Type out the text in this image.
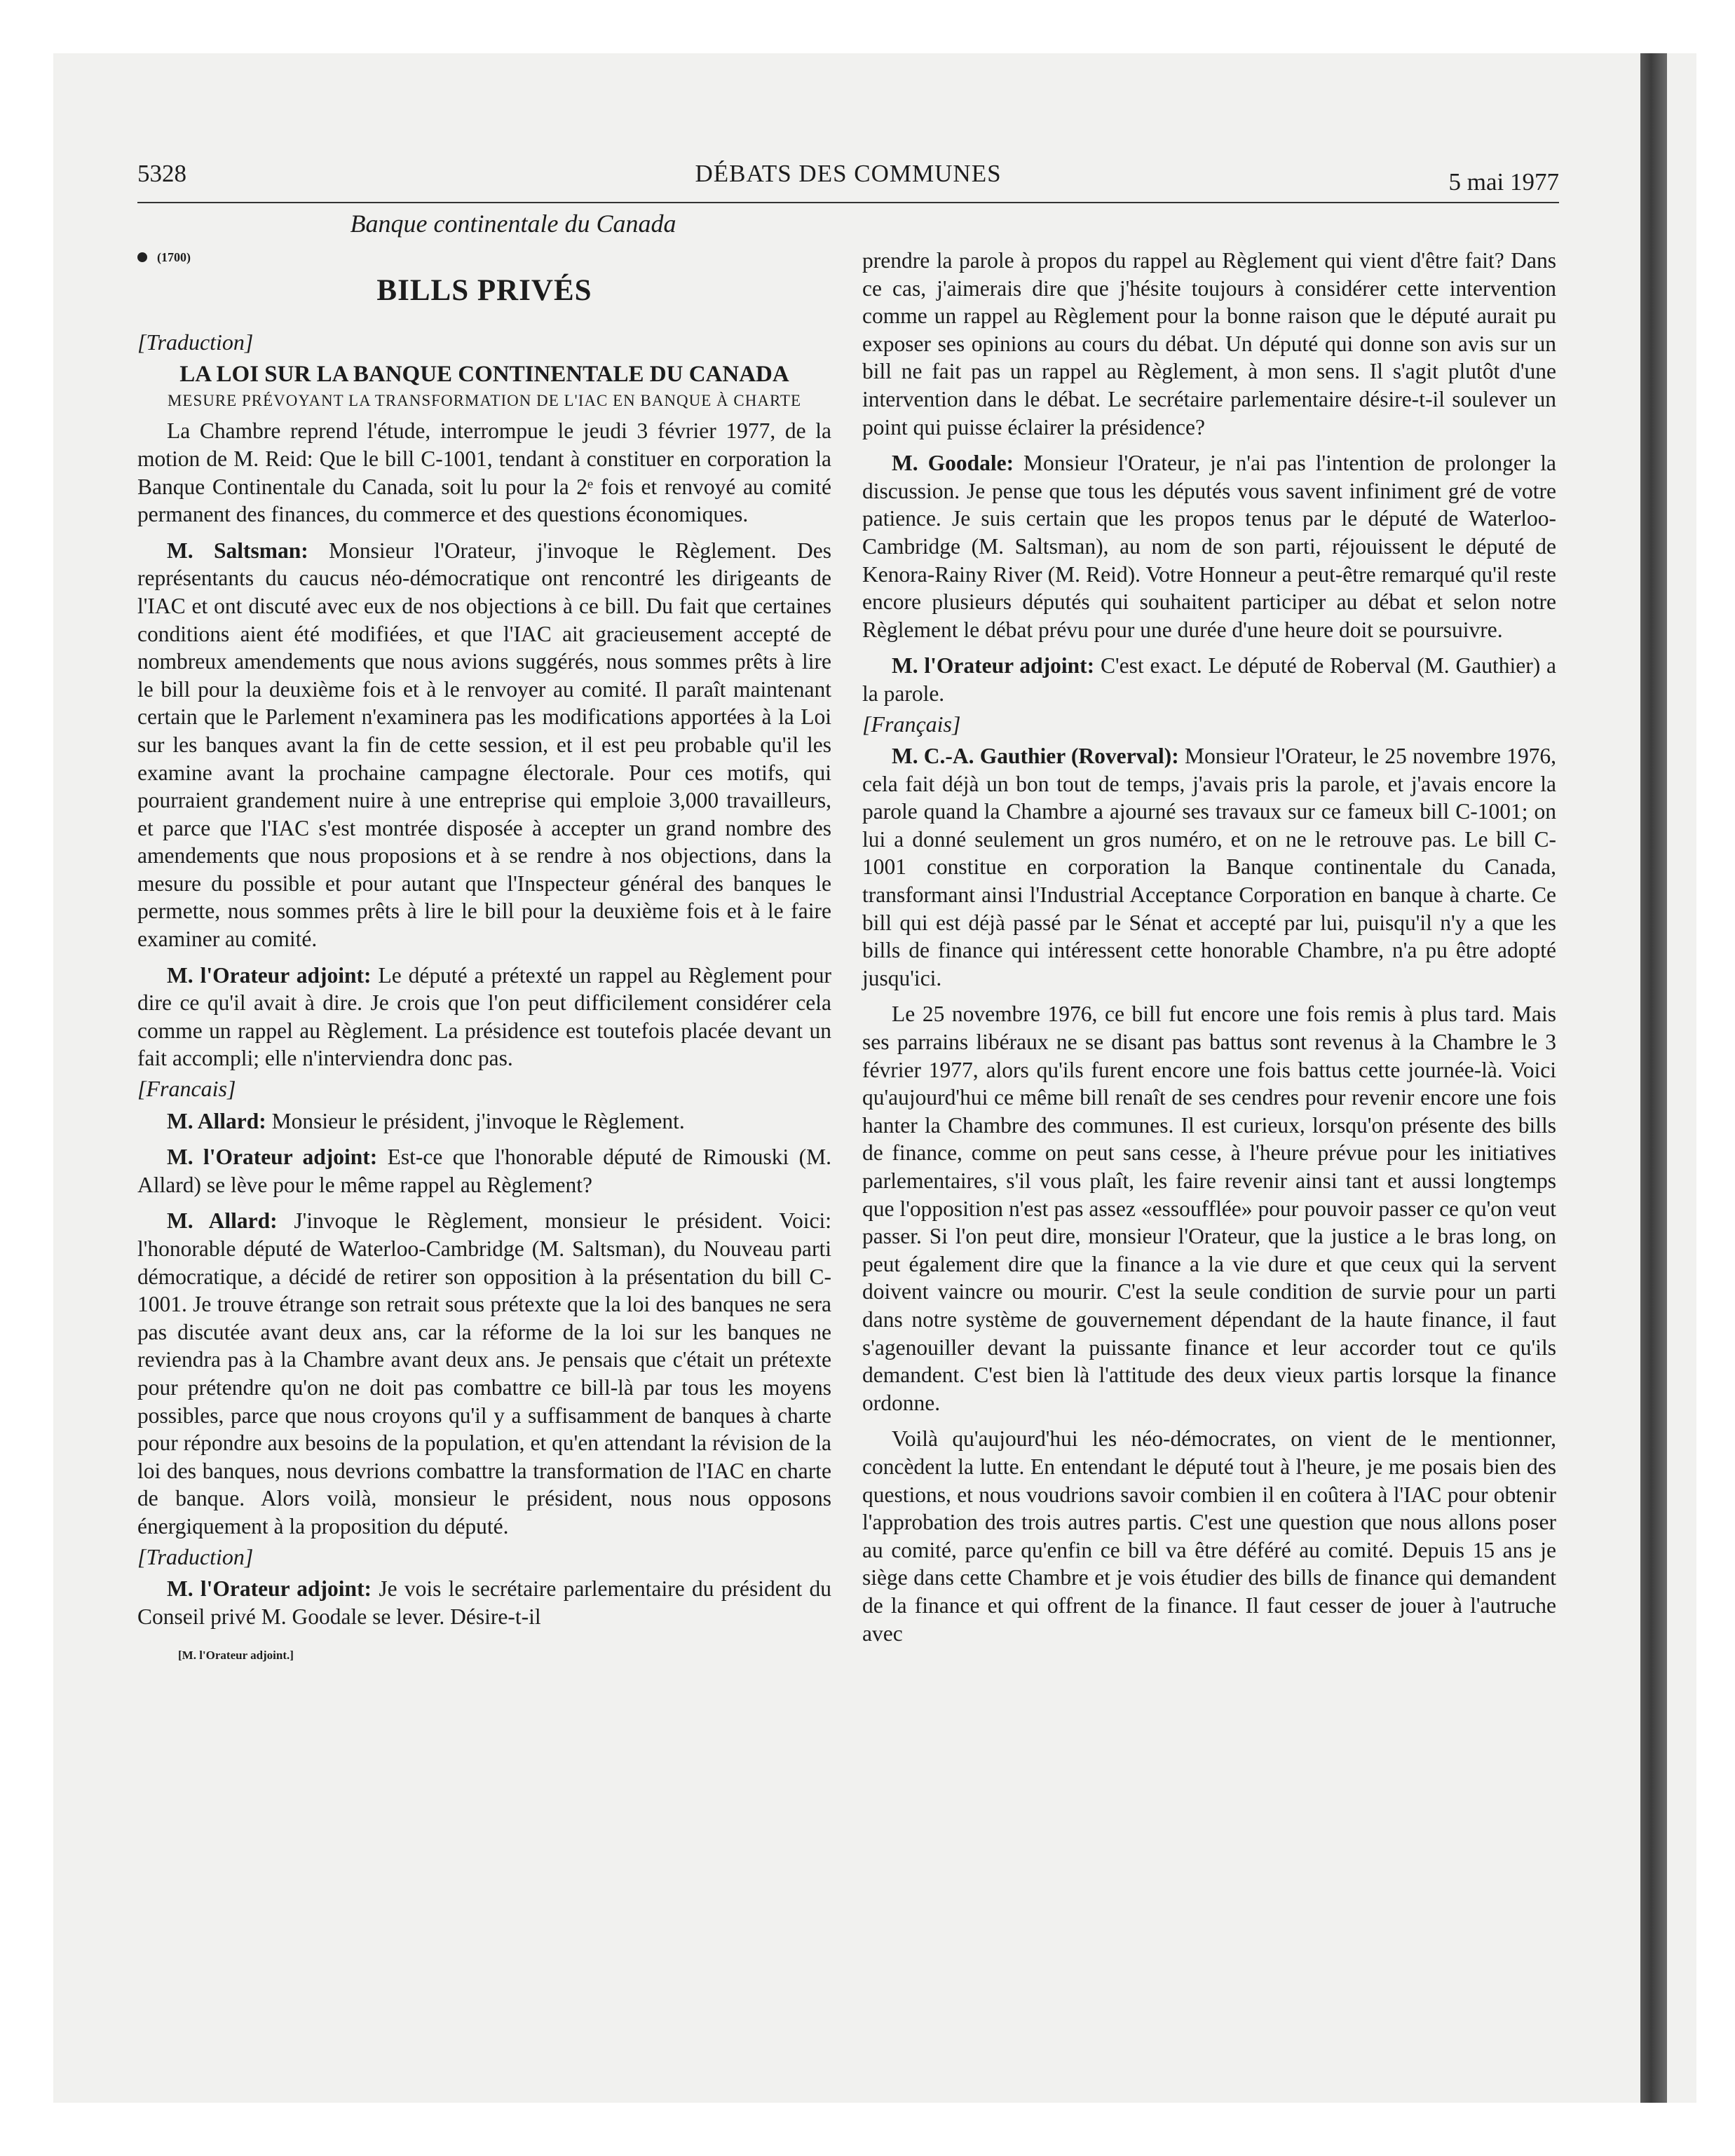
5328	DÉBATS DES COMMUNES	5 mai 1977

Banque continentale du Canada

(1700)
BILLS PRIVÉS
[Traduction]
LA LOI SUR LA BANQUE CONTINENTALE DU CANADA
MESURE PRÉVOYANT LA TRANSFORMATION DE L'IAC EN BANQUE À CHARTE

La Chambre reprend l'étude, interrompue le jeudi 3 février 1977, de la motion de M. Reid: Que le bill C-1001, tendant à constituer en corporation la Banque Continentale du Canada, soit lu pour la 2ᵉ fois et renvoyé au comité permanent des finances, du commerce et des questions économiques.

M. Saltsman: Monsieur l'Orateur, j'invoque le Règlement. Des représentants du caucus néo-démocratique ont rencontré les dirigeants de l'IAC et ont discuté avec eux de nos objections à ce bill. Du fait que certaines conditions aient été modifiées, et que l'IAC ait gracieusement accepté de nombreux amendements que nous avions suggérés, nous sommes prêts à lire le bill pour la deuxième fois et à le renvoyer au comité. Il paraît maintenant certain que le Parlement n'examinera pas les modifications apportées à la Loi sur les banques avant la fin de cette session, et il est peu probable qu'il les examine avant la prochaine campagne électorale. Pour ces motifs, qui pourraient grandement nuire à une entreprise qui emploie 3,000 travailleurs, et parce que l'IAC s'est montrée disposée à accepter un grand nombre des amendements que nous proposions et à se rendre à nos objections, dans la mesure du possible et pour autant que l'Inspecteur général des banques le permette, nous sommes prêts à lire le bill pour la deuxième fois et à le faire examiner au comité.

M. l'Orateur adjoint: Le député a prétexté un rappel au Règlement pour dire ce qu'il avait à dire. Je crois que l'on peut difficilement considérer cela comme un rappel au Règlement. La présidence est toutefois placée devant un fait accompli; elle n'interviendra donc pas.

[Francais]

M. Allard: Monsieur le président, j'invoque le Règlement.

M. l'Orateur adjoint: Est-ce que l'honorable député de Rimouski (M. Allard) se lève pour le même rappel au Règlement?

M. Allard: J'invoque le Règlement, monsieur le président. Voici: l'honorable député de Waterloo-Cambridge (M. Saltsman), du Nouveau parti démocratique, a décidé de retirer son opposition à la présentation du bill C-1001. Je trouve étrange son retrait sous prétexte que la loi des banques ne sera pas discutée avant deux ans, car la réforme de la loi sur les banques ne reviendra pas à la Chambre avant deux ans. Je pensais que c'était un prétexte pour prétendre qu'on ne doit pas combattre ce bill-là par tous les moyens possibles, parce que nous croyons qu'il y a suffisamment de banques à charte pour répondre aux besoins de la population, et qu'en attendant la révision de la loi des banques, nous devrions combattre la transformation de l'IAC en charte de banque. Alors voilà, monsieur le président, nous nous opposons énergiquement à la proposition du député.

[Traduction]

M. l'Orateur adjoint: Je vois le secrétaire parlementaire du président du Conseil privé M. Goodale se lever. Désire-t-il

[M. l'Orateur adjoint.]

prendre la parole à propos du rappel au Règlement qui vient d'être fait? Dans ce cas, j'aimerais dire que j'hésite toujours à considérer cette intervention comme un rappel au Règlement pour la bonne raison que le député aurait pu exposer ses opinions au cours du débat. Un député qui donne son avis sur un bill ne fait pas un rappel au Règlement, à mon sens. Il s'agit plutôt d'une intervention dans le débat. Le secrétaire parlementaire désire-t-il soulever un point qui puisse éclairer la présidence?

M. Goodale: Monsieur l'Orateur, je n'ai pas l'intention de prolonger la discussion. Je pense que tous les députés vous savent infiniment gré de votre patience. Je suis certain que les propos tenus par le député de Waterloo-Cambridge (M. Saltsman), au nom de son parti, réjouissent le député de Kenora-Rainy River (M. Reid). Votre Honneur a peut-être remarqué qu'il reste encore plusieurs députés qui souhaitent participer au débat et selon notre Règlement le débat prévu pour une durée d'une heure doit se poursuivre.

M. l'Orateur adjoint: C'est exact. Le député de Roberval (M. Gauthier) a la parole.

[Français]

M. C.-A. Gauthier (Roverval): Monsieur l'Orateur, le 25 novembre 1976, cela fait déjà un bon tout de temps, j'avais pris la parole, et j'avais encore la parole quand la Chambre a ajourné ses travaux sur ce fameux bill C-1001; on lui a donné seulement un gros numéro, et on ne le retrouve pas. Le bill C-1001 constitue en corporation la Banque continentale du Canada, transformant ainsi l'Industrial Acceptance Corporation en banque à charte. Ce bill qui est déjà passé par le Sénat et accepté par lui, puisqu'il n'y a que les bills de finance qui intéressent cette honorable Chambre, n'a pu être adopté jusqu'ici.

Le 25 novembre 1976, ce bill fut encore une fois remis à plus tard. Mais ses parrains libéraux ne se disant pas battus sont revenus à la Chambre le 3 février 1977, alors qu'ils furent encore une fois battus cette journée-là. Voici qu'aujourd'hui ce même bill renaît de ses cendres pour revenir encore une fois hanter la Chambre des communes. Il est curieux, lorsqu'on présente des bills de finance, comme on peut sans cesse, à l'heure prévue pour les initiatives parlementaires, s'il vous plaît, les faire revenir ainsi tant et aussi longtemps que l'opposition n'est pas assez «essoufflée» pour pouvoir passer ce qu'on veut passer. Si l'on peut dire, monsieur l'Orateur, que la justice a le bras long, on peut également dire que la finance a la vie dure et que ceux qui la servent doivent vaincre ou mourir. C'est la seule condition de survie pour un parti dans notre système de gouvernement dépendant de la haute finance, il faut s'agenouiller devant la puissante finance et leur accorder tout ce qu'ils demandent. C'est bien là l'attitude des deux vieux partis lorsque la finance ordonne.

Voilà qu'aujourd'hui les néo-démocrates, on vient de le mentionner, concèdent la lutte. En entendant le député tout à l'heure, je me posais bien des questions, et nous voudrions savoir combien il en coûtera à l'IAC pour obtenir l'approbation des trois autres partis. C'est une question que nous allons poser au comité, parce qu'enfin ce bill va être déféré au comité. Depuis 15 ans je siège dans cette Chambre et je vois étudier des bills de finance qui demandent de la finance et qui offrent de la finance. Il faut cesser de jouer à l'autruche avec
